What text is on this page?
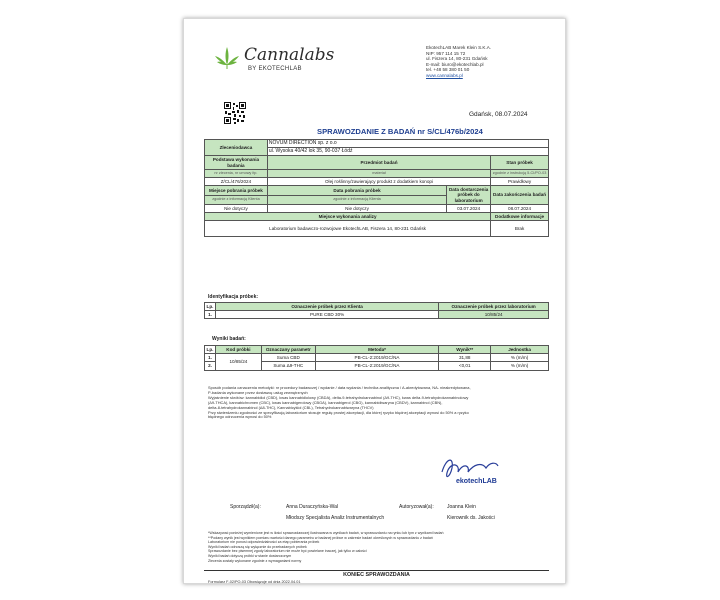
Cannalabs
BY EKOTECHLAB
EkotechLAB Marek Klein S.K.A.
NIP: 957 114 15 72
ul. Fiszera 14, 80-231 Gdańsk
E-mail: biuro@ekotechlab.pl
tel. +48 58 380 01 50
www.cannalabs.pl
Gdańsk, 08.07.2024
SPRAWOZDANIE Z BADAŃ nr S/CL/476b/2024
Zleceniodawca	NOVUM DIRECTION sp. z o.o		
	ul. Wysoka 40/42 lok 35, 90-037 Łódź		
Podstawa wykonania badania	Przedmiot badań		Stan próbek
nr zlecenia, nr umowy itp.	materiał		zgodnie z instrukcją 5-CI/PO-03
Z/CL/476/2024	Olej roślinny/zawierający produkt z dodatkiem konopi		Prawidłowy
Miejsce pobrania próbek	Data pobrania próbek	Data dostarczenia próbek do laboratorium	Data zakończenia badań
zgodnie z informacją Klienta	zgodnie z informacją Klienta		
Nie dotyczy	Nie dotyczy	03.07.2024	08.07.2024
Miejsce wykonania analizy			Dodatkowe informacje
Laboratorium badawczo-rozwojowe EkotechLAB, Fiszera 14, 80-231 Gdańsk			Brak
Identyfikacja próbek:
Lp.	Oznaczenie próbek przez Klienta	Oznaczenie próbek przez laboratorium
1.	PURE CBD 30%	10/85/24
Wyniki badań:
Lp.	Kod próbki	Oznaczany parametr	Metoda*	Wynik**	Jednostka
1.	10/85/24	Suma CBD	PB-CL-2:2019/GC/NA	31,88	% (m/m)
2.		Suma Δ9-THC	PB-CL-2:2019/GC/NA	<0,01	% (m/m)
Sposób podania oznaczenia metodyki: nr procedury badawczej / wydanie / data wydania / technika analityczna / A-akredytowana, NA- nieakredytowana,
P-badania wykonane przez dostawcę usług zewnętrznych
Wyjaśnienie skrótów: kannabidiol (CBD), kwas kannabidiolowy (CBDA), delta-9-tetrahydrokannabinol (Δ9-THC), kwas delta-9-tetrahydrokannabinolowy
(Δ9-THCA), kannabichromen (CBC), kwas kannabigerolowy (CBGA), kannabigerol (CBG), kannabidiwaryna (CBDV), kannabinol (CBN),
delta-8-tetrahydrokannabinol (Δ8-THC), Kannabicyklol (CBL), Tetrahydrokannabiwaryna (THCV)
Przy stwierdzeniu zgodności ze specyfikacją laboratorium stosuje regułę prostej akceptacji, dla której ryzyko błędnej akceptacji wynosi do 50% a ryzyko
błędnego odrzucenia wynosi do 50%
ekotechLAB
Sporządził(a):	Anna Duraczyńska-Wal
Młodszy Specjalista Analiz Instrumentalnych
Autoryzował(a):	Joanna Klein
Kierownik ds. Jakości
*Wskazywać ponieżej wymienione jest w ilości sprawozdawczej ilustrowana w wynikach badań, w sprawozdaniu na rynku lub tym z wynikami badań
**Podany wynik jest wynikiem pomiaru wartości danego parametru w badanej próbce w zakresie badań określonych w sprawozdaniu z badań
Laboratorium nie ponosi odpowiedzialności za etap pobierania próbek
Wyniki badań odnoszą się wyłącznie do przebadanych próbek
Sprawozdanie bez pisemnej zgody laboratorium nie może być powielane inaczej, jak tylko w całości
Wyniki badań dotyczą próbki w stanie dostarczonym
Zlecenia zostały wykonane zgodnie z wymaganiami normy
KONIEC SPRAWOZDANIA
Formularz F-02/PO-03 Obowiązuje od dnia 2022.04.01
